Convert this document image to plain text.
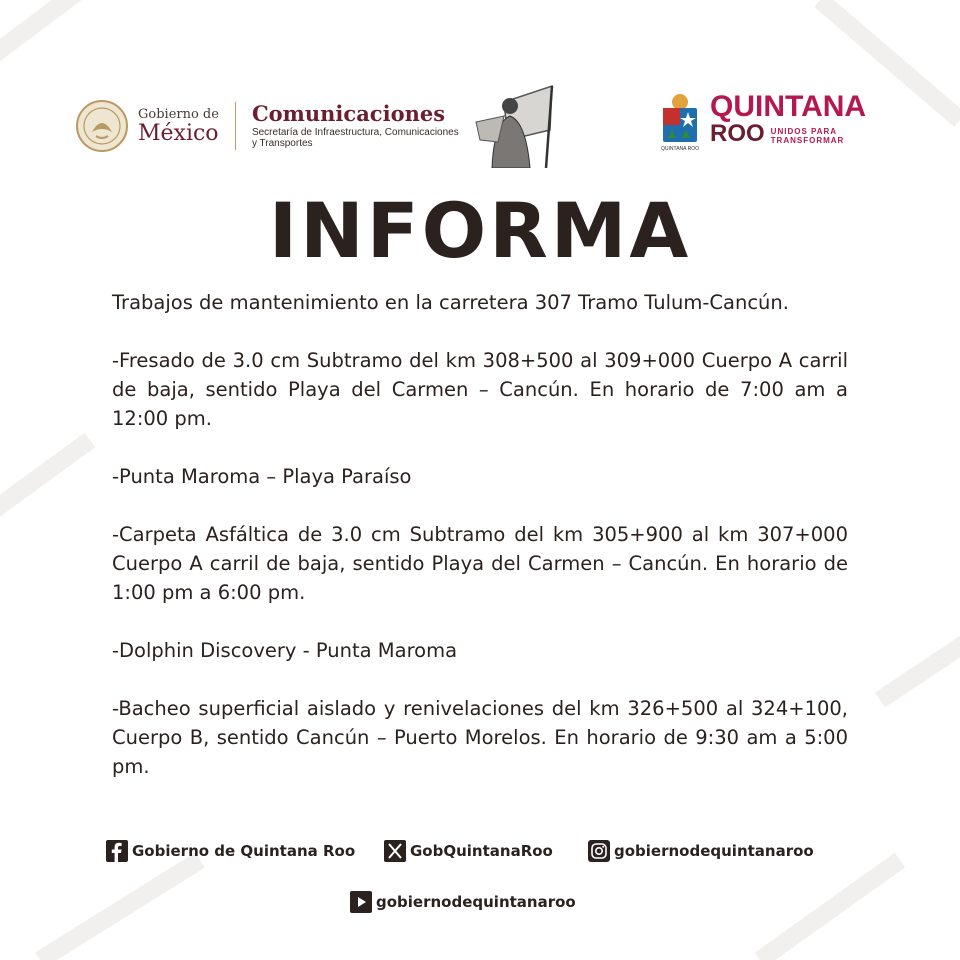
Gobierno de
México
Comunicaciones
Secretaría de Infraestructura, Comunicaciones y Transportes	QUINTANA ROO
QUINTANA
ROO UNIDOS PARA
TRANSFORMAR
INFORMA

Trabajos de mantenimiento en la carretera 307 Tramo Tulum-Cancún.

-Fresado de 3.0 cm Subtramo del km 308+500 al 309+000 Cuerpo A carril de baja, sentido Playa del Carmen – Cancún. En horario de 7:00 am a 12:00 pm.

-Punta Maroma – Playa Paraíso

-Carpeta Asfáltica de 3.0 cm Subtramo del km 305+900 al km 307+000 Cuerpo A carril de baja, sentido Playa del Carmen – Cancún. En horario de 1:00 pm a 6:00 pm.

-Dolphin Discovery - Punta Maroma

-Bacheo superficial aislado y renivelaciones del km 326+500 al 324+100, Cuerpo B, sentido Cancún – Puerto Morelos. En horario de 9:30 am a 5:00 pm.

Gobierno de Quintana Roo	GobQuintanaRoo	gobiernodequintanaroo
gobiernodequintanaroo
